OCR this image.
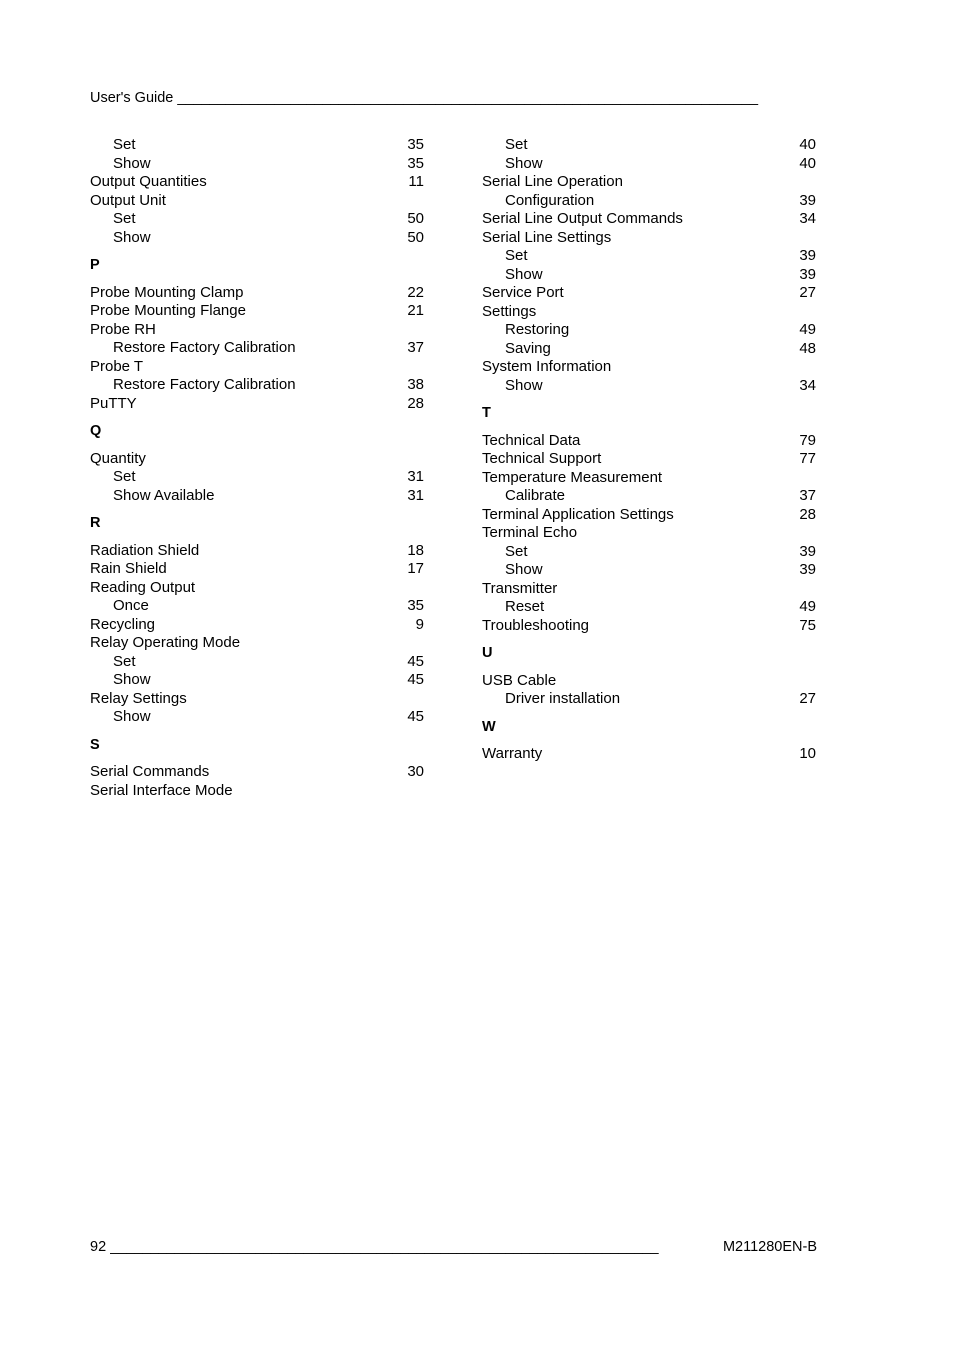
User's Guide ________________________________________________________________________
Set	35
Show	35
Output Quantities	11
Output Unit
Set	50
Show	50
P
Probe Mounting Clamp	22
Probe Mounting Flange	21
Probe RH
Restore Factory Calibration	37
Probe T
Restore Factory Calibration	38
PuTTY	28
Q
Quantity
Set	31
Show Available	31
R
Radiation Shield	18
Rain Shield	17
Reading Output
Once	35
Recycling	9
Relay Operating Mode
Set	45
Show	45
Relay Settings
Show	45
S
Serial Commands	30
Serial Interface Mode
Set	40
Show	40
Serial Line Operation
Configuration	39
Serial Line Output Commands	34
Serial Line Settings
Set	39
Show	39
Service Port	27
Settings
Restoring	49
Saving	48
System Information
Show	34
T
Technical Data	79
Technical Support	77
Temperature Measurement
Calibrate	37
Terminal Application Settings	28
Terminal Echo
Set	39
Show	39
Transmitter
Reset	49
Troubleshooting	75
U
USB Cable
Driver installation	27
W
Warranty	10
92 ____________________________________________________________________	M211280EN-B
